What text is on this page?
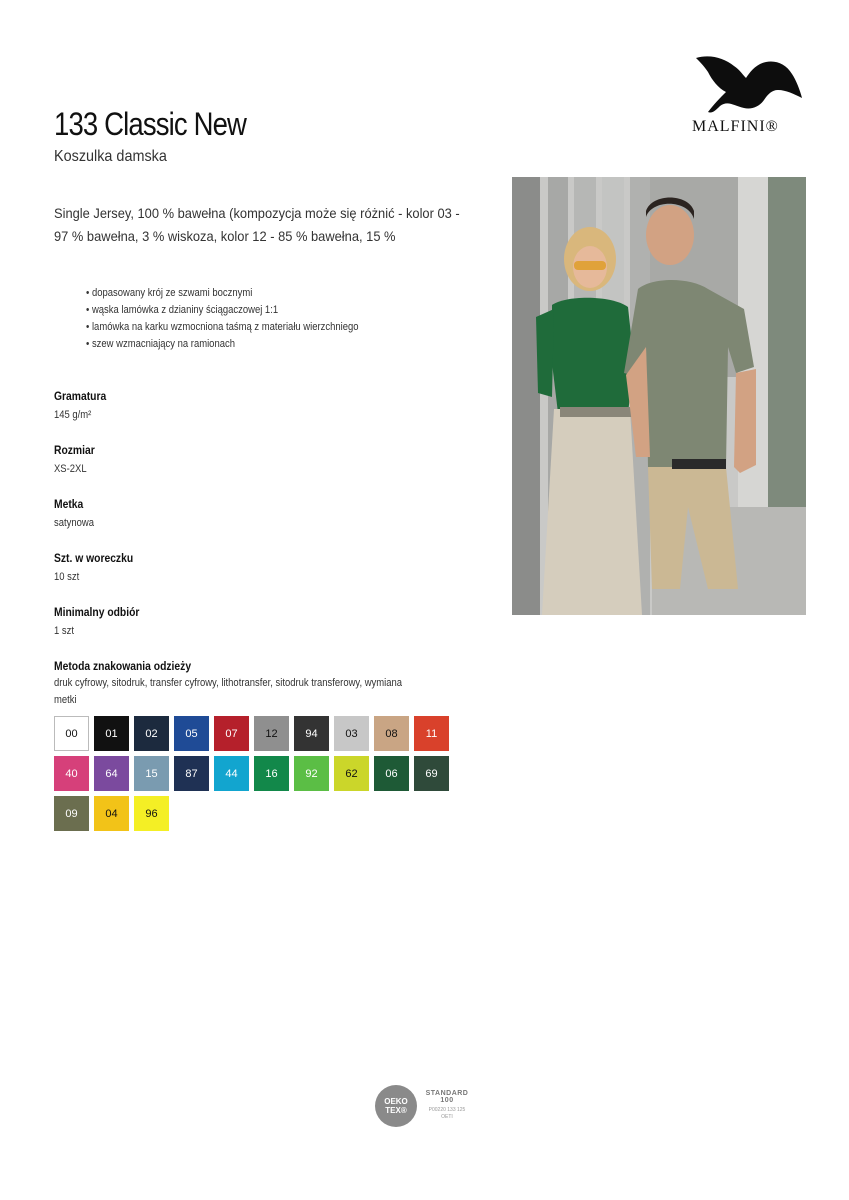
133 Classic New
Koszulka damska
MALFINI®
Single Jersey, 100 % bawełna (kompozycja może się różnić - kolor 03 - 97 % bawełna, 3 % wiskoza, kolor 12 - 85 % bawełna, 15 %
• dopasowany krój ze szwami bocznymi
• wąska lamówka z dzianiny ściągaczowej 1:1
• lamówka na karku wzmocniona taśmą z materiału wierzchniego
• szew wzmacniający na ramionach
Gramatura
145 g/m²
Rozmiar
XS-2XL
Metka
satynowa
Szt. w woreczku
10 szt
Minimalny odbiór
1 szt
Metoda znakowania odzieży
druk cyfrowy, sitodruk, transfer cyfrowy, lithotransfer, sitodruk transferowy, wymiana metki
00	01	02	05	07	12	94	03	08	11
40	64	15	87	44	16	92	62	06	69
09	04	96
OEKO
TEX®
STANDARD 100
P00220 133 125
OETI
